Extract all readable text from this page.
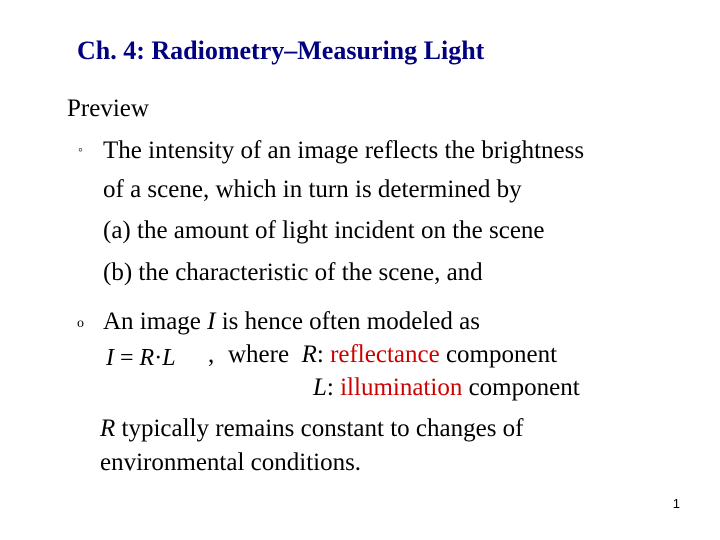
Ch. 4: Radiometry–Measuring Light
Preview
◦ The intensity of an image reflects the brightness
of a scene, which in turn is determined by
(a) the amount of light incident on the scene
(b) the characteristic of the scene, and
o An image I is hence often modeled as
I = R·L , where R: reflectance component
L: illumination component
R typically remains constant to changes of
environmental conditions.
1
